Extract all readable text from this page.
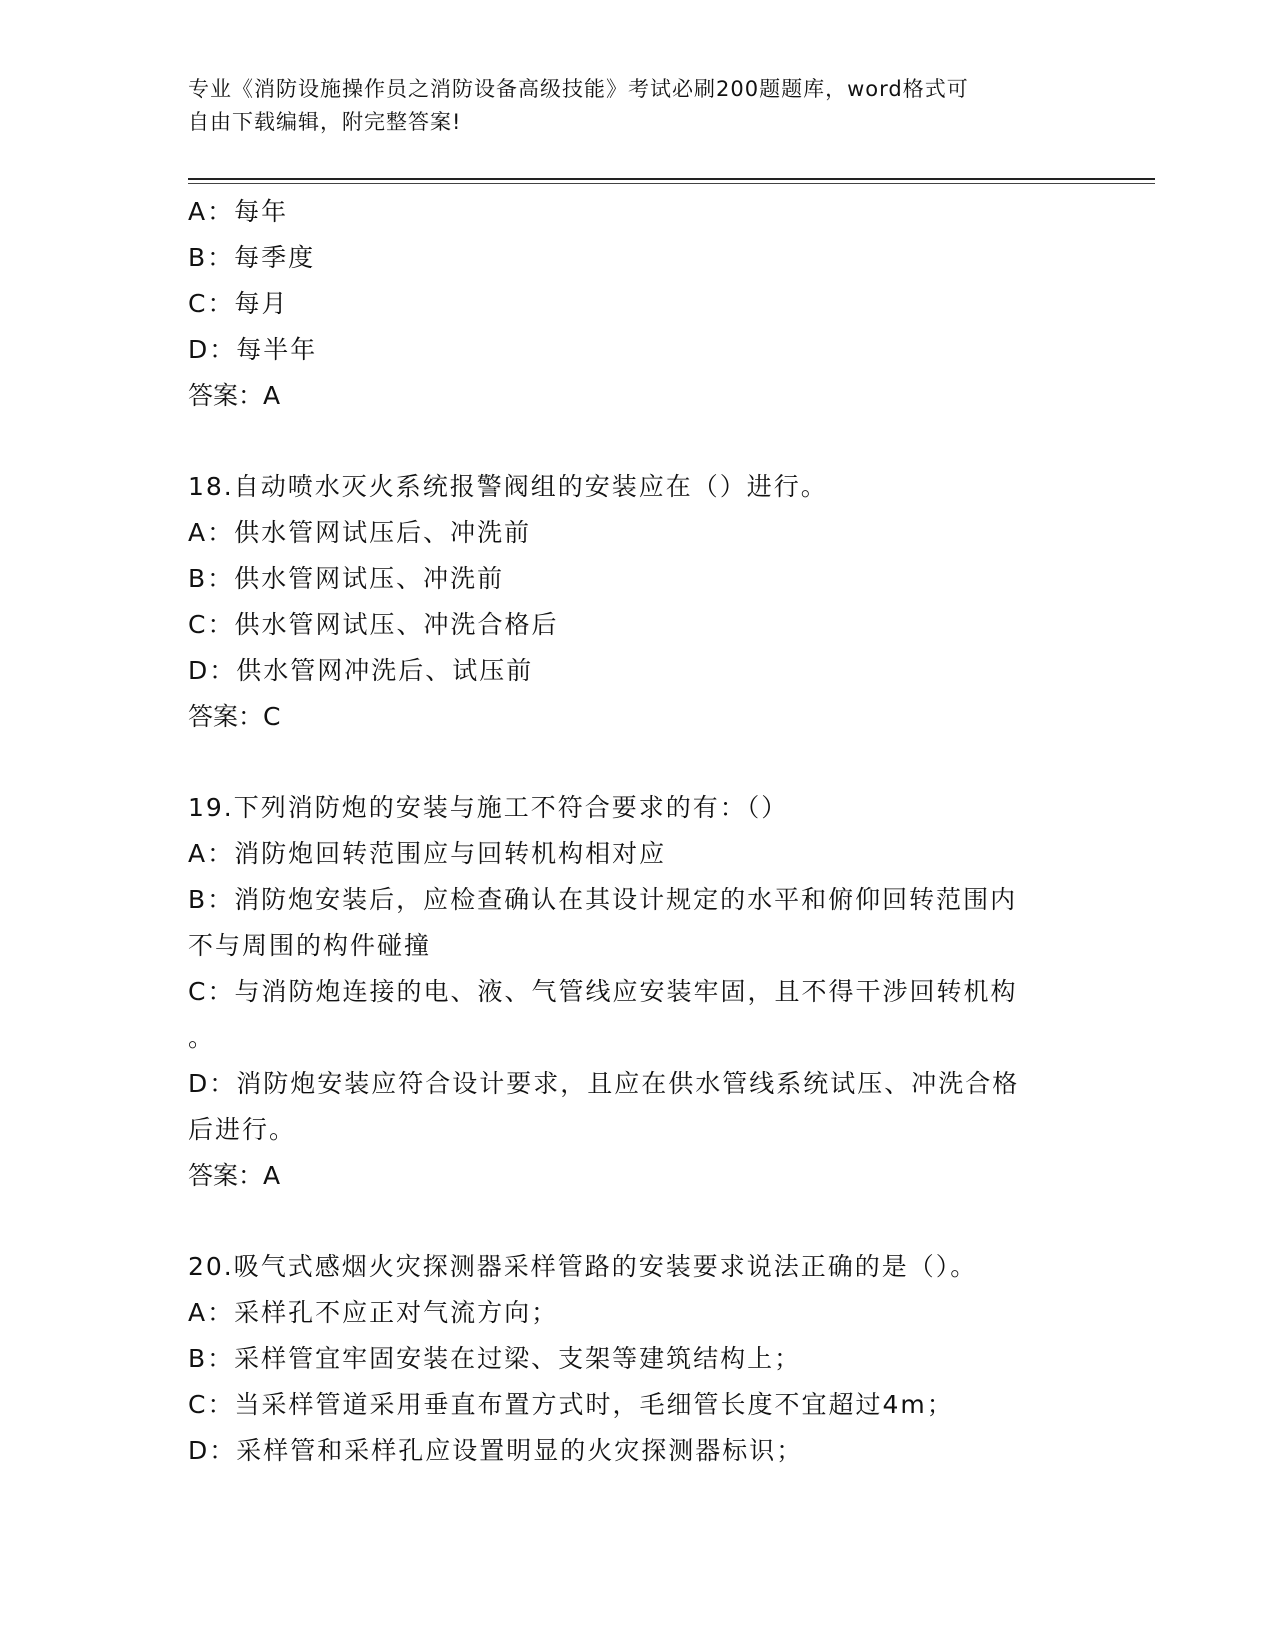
专业《消防设施操作员之消防设备高级技能》考试必刷200题题库，word格式可
自由下载编辑，附完整答案!
A：每年
B：每季度
C：每月
D：每半年
答案：A
18.自动喷水灭火系统报警阀组的安装应在（）进行。
A：供水管网试压后、冲洗前
B：供水管网试压、冲洗前
C：供水管网试压、冲洗合格后
D：供水管网冲洗后、试压前
答案：C
19.下列消防炮的安装与施工不符合要求的有：（）
A：消防炮回转范围应与回转机构相对应
B：消防炮安装后，应检查确认在其设计规定的水平和俯仰回转范围内
不与周围的构件碰撞
C：与消防炮连接的电、液、气管线应安装牢固，且不得干涉回转机构
。
D：消防炮安装应符合设计要求，且应在供水管线系统试压、冲洗合格
后进行。
答案：A
20.吸气式感烟火灾探测器采样管路的安装要求说法正确的是（）。
A：采样孔不应正对气流方向；
B：采样管宜牢固安装在过梁、支架等建筑结构上；
C：当采样管道采用垂直布置方式时，毛细管长度不宜超过4m；
D：采样管和采样孔应设置明显的火灾探测器标识；
